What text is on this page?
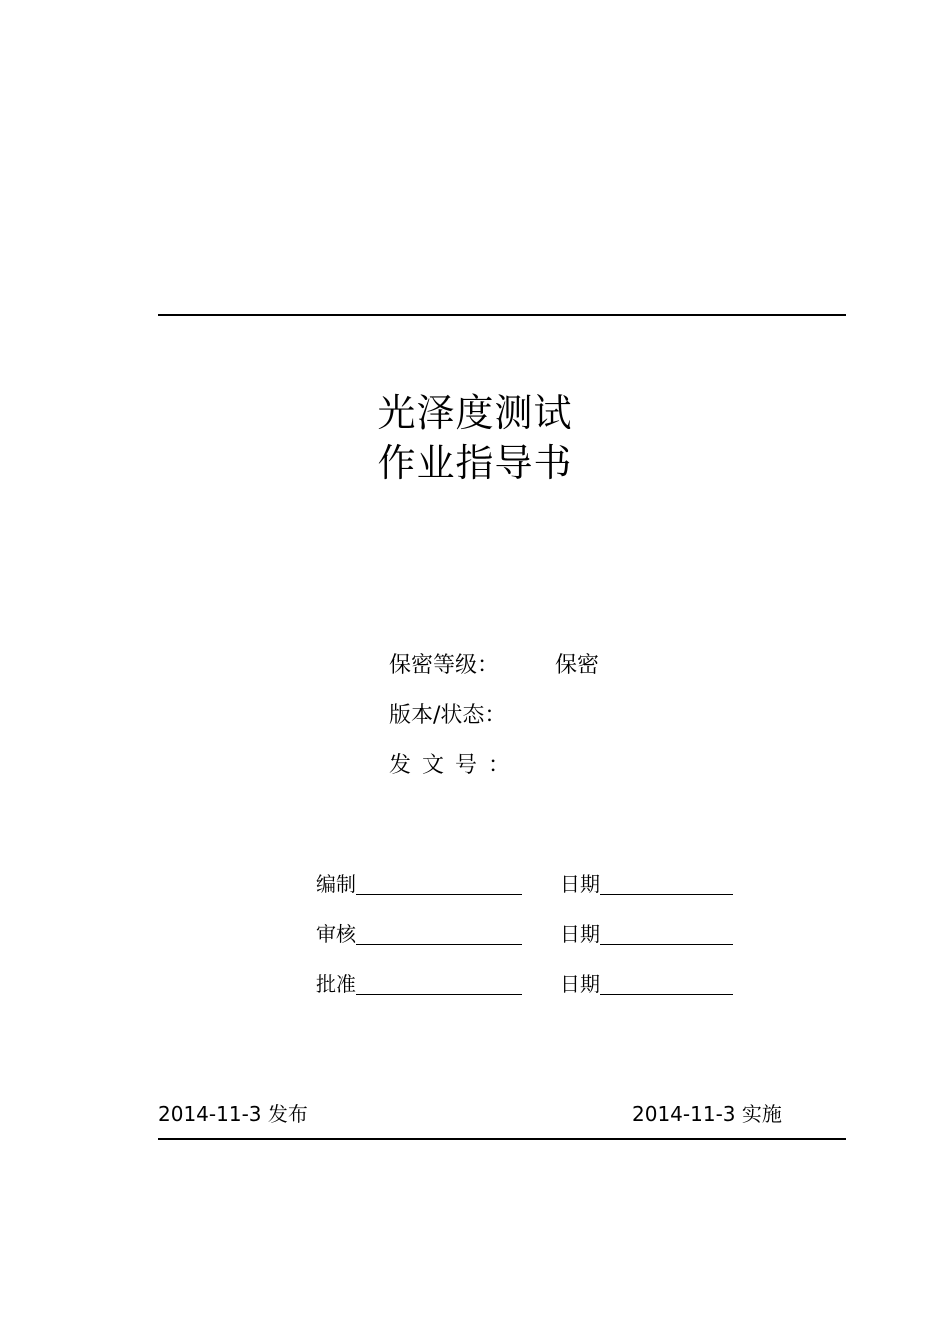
光泽度测试
作业指导书
保密等级：	保密
版本/状态：
发文号：
编制	日期
审核	日期
批准	日期
2014-11-3 发布	2014-11-3 实施
